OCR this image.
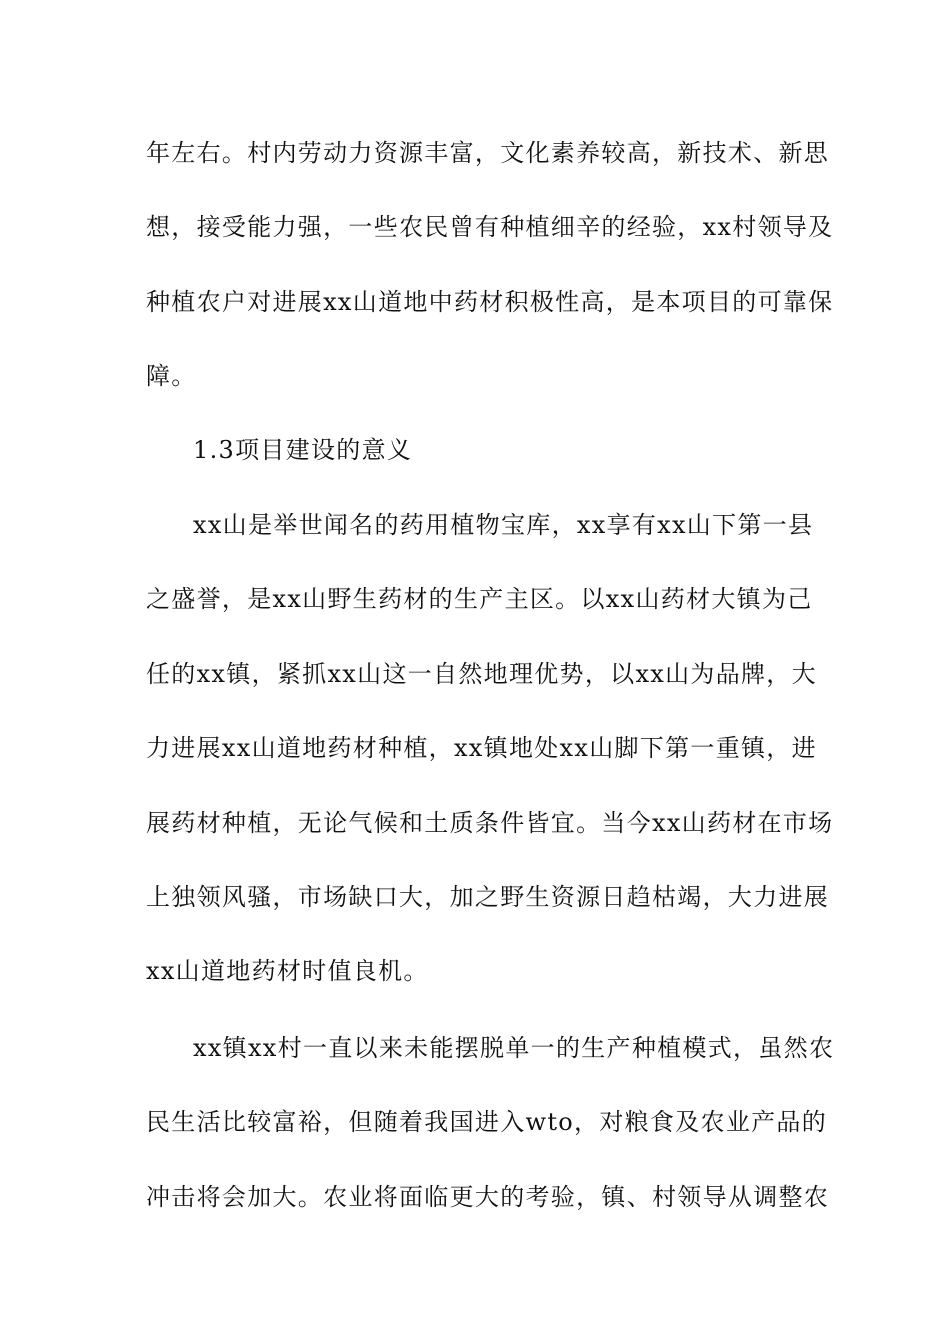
年左右。村内劳动力资源丰富，文化素养较高，新技术、新思
想，接受能力强，一些农民曾有种植细辛的经验，xx村领导及
种植农户对进展xx山道地中药材积极性高，是本项目的可靠保
障。
1.3项目建设的意义
xx山是举世闻名的药用植物宝库，xx享有xx山下第一县
之盛誉，是xx山野生药材的生产主区。以xx山药材大镇为己
任的xx镇，紧抓xx山这一自然地理优势，以xx山为品牌，大
力进展xx山道地药材种植，xx镇地处xx山脚下第一重镇，进
展药材种植，无论气候和土质条件皆宜。当今xx山药材在市场
上独领风骚，市场缺口大，加之野生资源日趋枯竭，大力进展
xx山道地药材时值良机。
xx镇xx村一直以来未能摆脱单一的生产种植模式，虽然农
民生活比较富裕，但随着我国进入wto，对粮食及农业产品的
冲击将会加大。农业将面临更大的考验，镇、村领导从调整农
